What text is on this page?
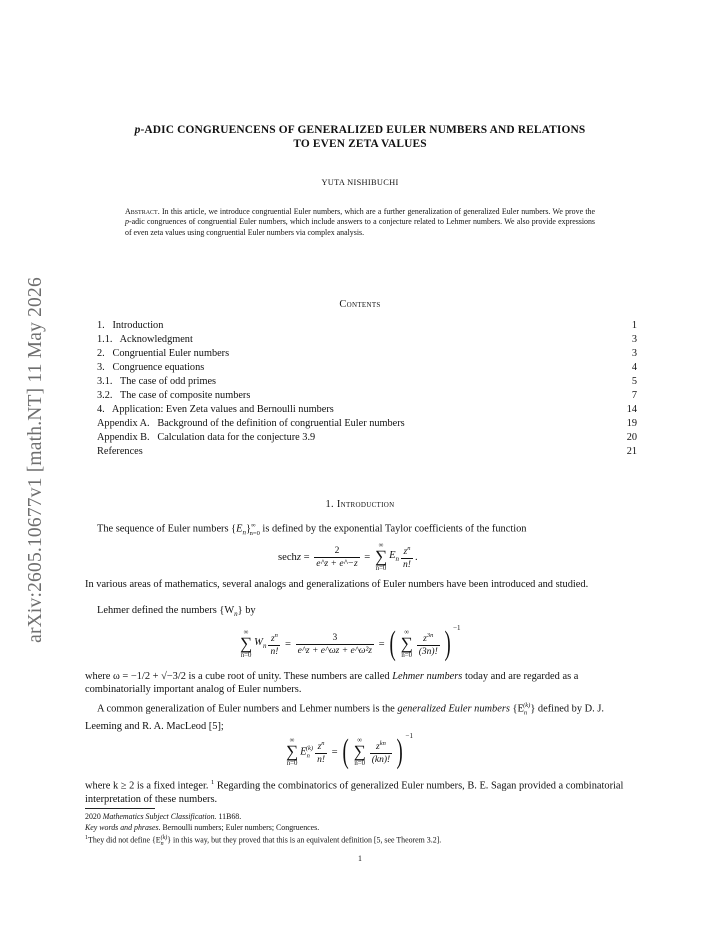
arXiv:2605.10677v1 [math.NT] 11 May 2026
p-ADIC CONGRUENCENS OF GENERALIZED EULER NUMBERS AND RELATIONS
TO EVEN ZETA VALUES
YUTA NISHIBUCHI
Abstract. In this article, we introduce congruential Euler numbers, which are a further generalization of generalized Euler numbers. We prove the p-adic congruences of congruential Euler numbers, which include answers to a conjecture related to Lehmer numbers. We also provide expressions of even zeta values using congruential Euler numbers via complex analysis.
Contents
1.   Introduction	1
1.1.   Acknowledgment	3
2.   Congruential Euler numbers	3
3.   Congruence equations	4
3.1.   The case of odd primes	5
3.2.   The case of composite numbers	7
4.   Application: Even Zeta values and Bernoulli numbers	14
Appendix A.   Background of the definition of congruential Euler numbers	19
Appendix B.   Calculation data for the conjecture 3.9	20
References	21
1. Introduction
The sequence of Euler numbers $\{E_n\}^\infty_{n=0}$ is defined by the exponential Taylor coefficients of the function
sech $z = \frac{2}{e\^{}z + e\^{}-z}$ =
∞
∑
n=0
$E_n \frac{z^n}{n!}$ .
In various areas of mathematics, several analogs and generalizations of Euler numbers have been introduced and studied.
Lehmer defined the numbers $\{W_n\}$ by
∞
∑
n=0
$W_n \frac{z^n}{n!} = \frac{3}{\text{e\textasciicircum{}z + e\textasciicircum{}ωz + e\textasciicircum{}ω²z}}$ = ( ∞
∑
$n=0 \frac{z^{3n}}{(3n)!}$ ) $^{-1}$
where ω = −1/2 + √−3/2 is a cube root of unity. These numbers are called Lehmer numbers today and are regarded as a combinatorially important analog of Euler numbers.
A common generalization of Euler numbers and Lehmer numbers is the generalized Euler numbers $\{E_n^{(k)}\}$ defined by D. J. Leeming and R. A. MacLeod [5];
∞
∑
n=0
$E_n^{(k)} \frac{z^n}{n!}$ = ( ∞
∑
$n=0 \frac{z^{kn}}{(kn)!}$ ) $^{-1}$
where k ≥ 2 is a fixed integer. $^1$ Regarding the combinatorics of generalized Euler numbers, B. E. Sagan provided a combinatorial interpretation of these numbers.
2020 Mathematics Subject Classification. 11B68.
Key words and phrases. Bernoulli numbers; Euler numbers; Congruences.
$^1$They did not define $\{E_n^{(k)}\}$ in this way, but they proved that this is an equivalent definition [5, see Theorem 3.2].
1
